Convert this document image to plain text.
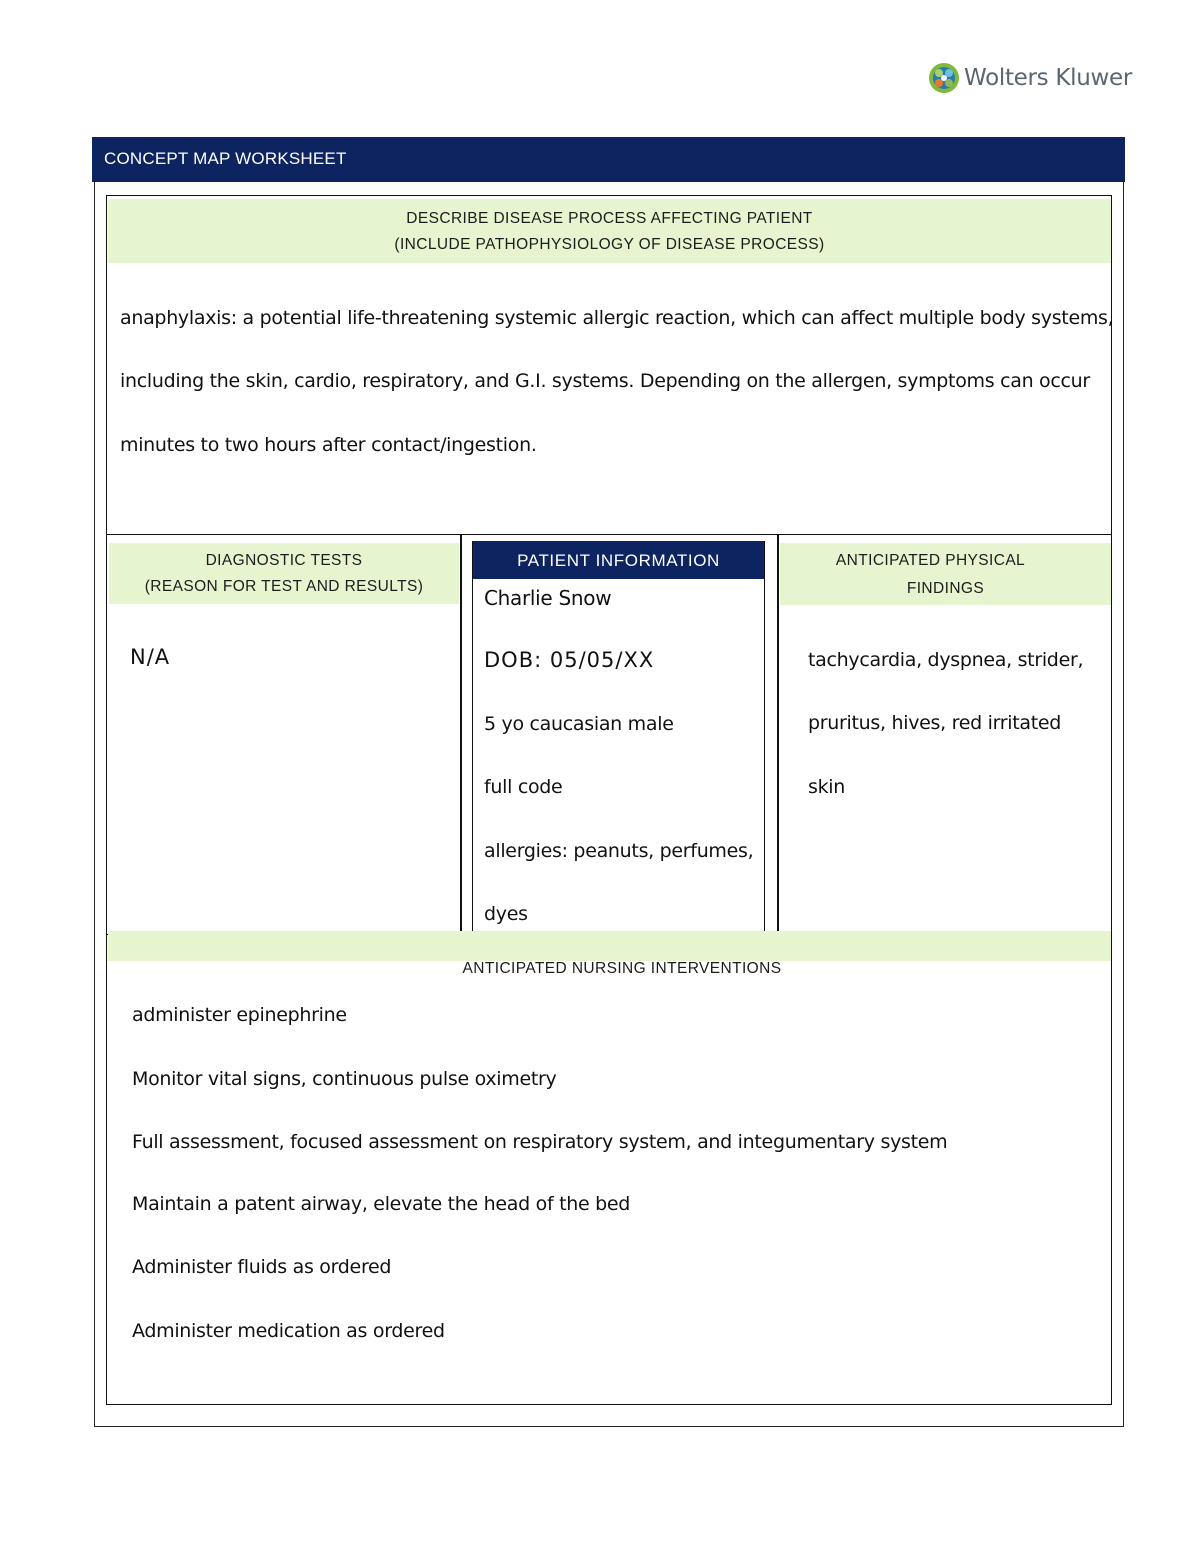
Wolters Kluwer
CONCEPT MAP WORKSHEET
DESCRIBE DISEASE PROCESS AFFECTING PATIENT
(INCLUDE PATHOPHYSIOLOGY OF DISEASE PROCESS)
anaphylaxis: a potential life-threatening systemic allergic reaction, which can affect multiple body systems,
including the skin, cardio, respiratory, and G.I. systems. Depending on the allergen, symptoms can occur
minutes to two hours after contact/ingestion.
DIAGNOSTIC TESTS
(REASON FOR TEST AND RESULTS)
N/A
PATIENT INFORMATION
Charlie Snow
DOB: 05/05/XX
5 yo caucasian male
full code
allergies: peanuts, perfumes,
dyes
ANTICIPATED PHYSICAL
FINDINGS
tachycardia, dyspnea, strider,
pruritus, hives, red irritated
skin
ANTICIPATED NURSING INTERVENTIONS
administer epinephrine
Monitor vital signs, continuous pulse oximetry
Full assessment, focused assessment on respiratory system, and integumentary system
Maintain a patent airway, elevate the head of the bed
Administer fluids as ordered
Administer medication as ordered
